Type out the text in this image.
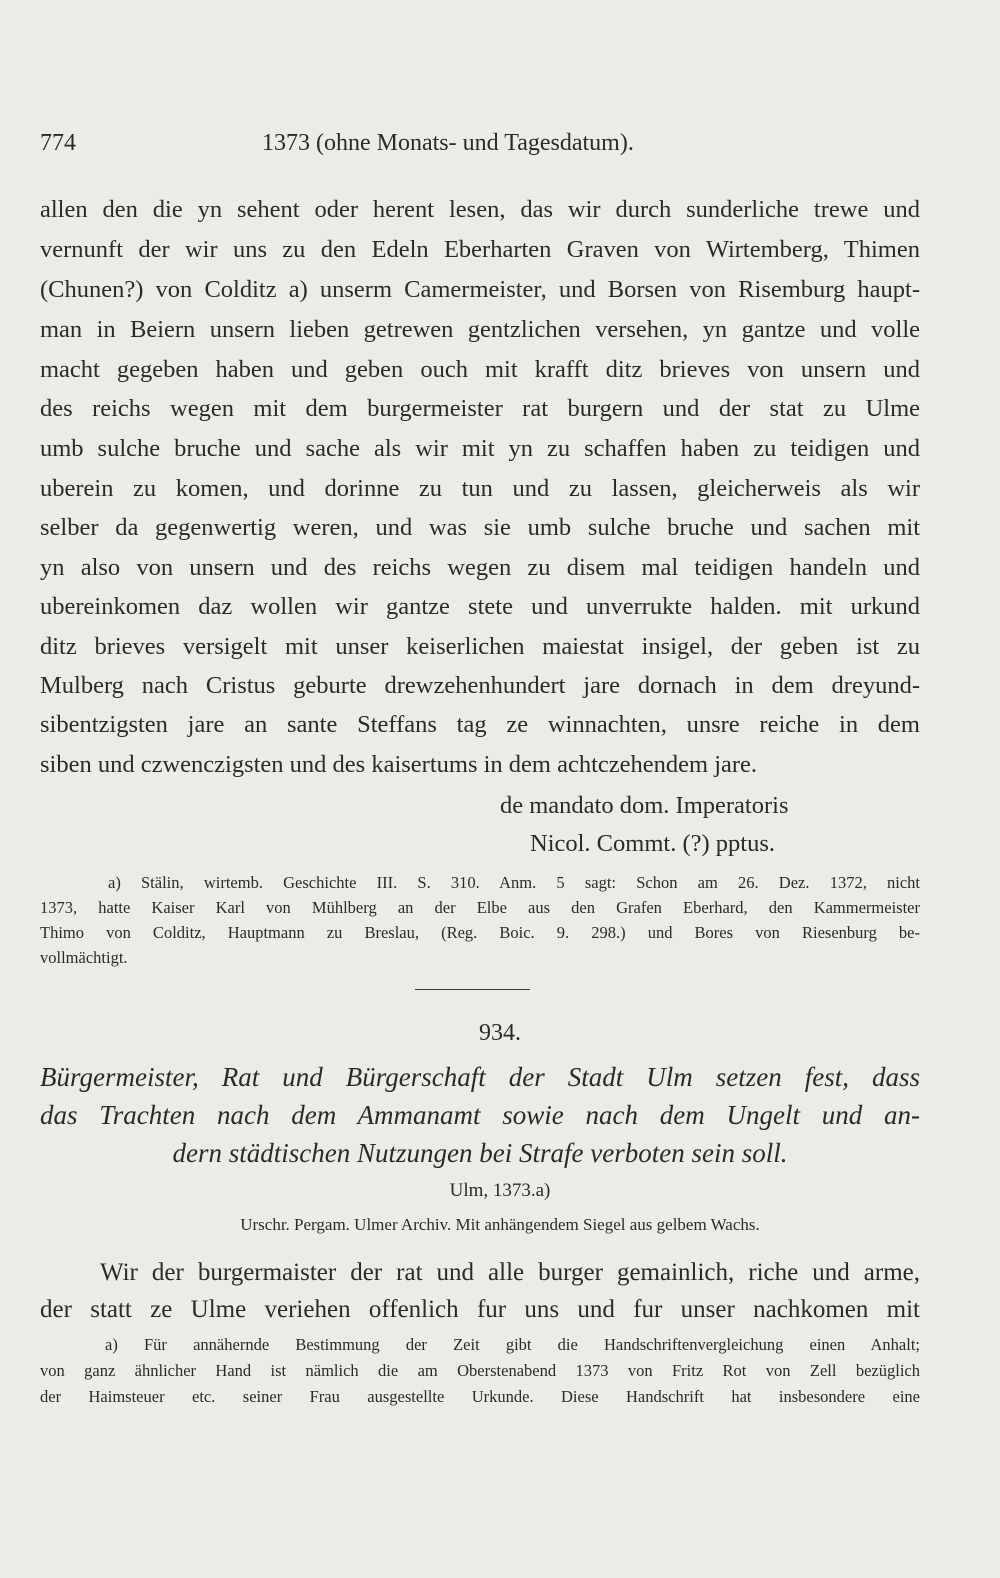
774	1373 (ohne Monats- und Tagesdatum).
allen den die yn sehent oder herent lesen, das wir durch sunderliche trewe und
vernunft der wir uns zu den Edeln Eberharten Graven von Wirtemberg, Thimen
(Chunen?) von Colditz a) unserm Camermeister, und Borsen von Risemburg haupt-
man in Beiern unsern lieben getrewen gentzlichen versehen, yn gantze und volle
macht gegeben haben und geben ouch mit krafft ditz brieves von unsern und
des reichs wegen mit dem burgermeister rat burgern und der stat zu Ulme
umb sulche bruche und sache als wir mit yn zu schaffen haben zu teidigen und
uberein zu komen, und dorinne zu tun und zu lassen, gleicherweis als wir
selber da gegenwertig weren, und was sie umb sulche bruche und sachen mit
yn also von unsern und des reichs wegen zu disem mal teidigen handeln und
ubereinkomen daz wollen wir gantze stete und unverrukte halden. mit urkund
ditz brieves versigelt mit unser keiserlichen maiestat insigel, der geben ist zu
Mulberg nach Cristus geburte drewzehenhundert jare dornach in dem dreyund-
sibentzigsten jare an sante Steffans tag ze winnachten, unsre reiche in dem
siben und czwenczigsten und des kaisertums in dem achtczehendem jare.
de mandato dom. Imperatoris
Nicol. Commt. (?) pptus.
a) Stälin, wirtemb. Geschichte III. S. 310. Anm. 5 sagt: Schon am 26. Dez. 1372, nicht
1373, hatte Kaiser Karl von Mühlberg an der Elbe aus den Grafen Eberhard, den Kammermeister
Thimo von Colditz, Hauptmann zu Breslau, (Reg. Boic. 9. 298.) und Bores von Riesenburg be-
vollmächtigt.
934.
Bürgermeister, Rat und Bürgerschaft der Stadt Ulm setzen fest, dass
das Trachten nach dem Ammanamt sowie nach dem Ungelt und an-
dern städtischen Nutzungen bei Strafe verboten sein soll.
Ulm, 1373.a)
Urschr. Pergam. Ulmer Archiv. Mit anhängendem Siegel aus gelbem Wachs.
Wir der burgermaister der rat und alle burger gemainlich, riche und arme,
der statt ze Ulme veriehen offenlich fur uns und fur unser nachkomen mit
a) Für annähernde Bestimmung der Zeit gibt die Handschriftenvergleichung einen Anhalt;
von ganz ähnlicher Hand ist nämlich die am Oberstenabend 1373 von Fritz Rot von Zell bezüglich
der Haimsteuer etc. seiner Frau ausgestellte Urkunde. Diese Handschrift hat insbesondere eine
